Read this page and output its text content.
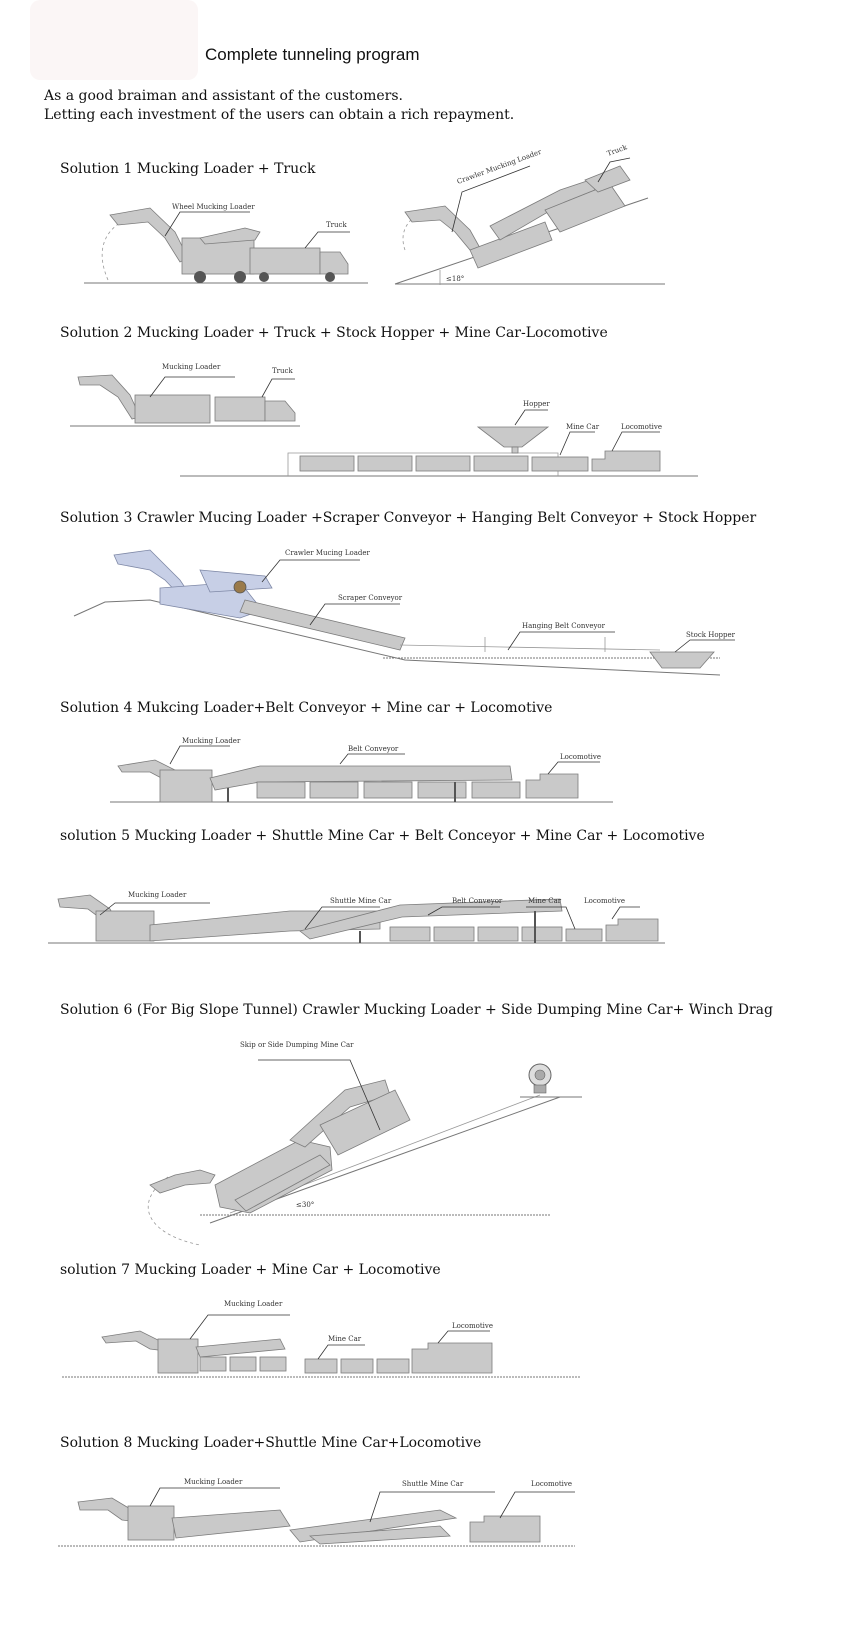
Complete tunneling program
As a good braiman and assistant of the customers.
Letting each investment of the users can obtain a rich repayment.
Solution 1 Mucking Loader + Truck
Wheel Mucking Loader
Truck
Crawler Mucking Loader	Truck
≤18°
Solution 2 Mucking Loader + Truck + Stock Hopper + Mine Car-Locomotive
Mucking Loader	Truck
Hopper
Mine Car	Locomotive
Solution 3 Crawler Mucing Loader +Scraper Conveyor + Hanging Belt Conveyor + Stock Hopper
Crawler Mucing Loader
Scraper Conveyor
Hanging Belt Conveyor
Stock Hopper
Solution 4 Mukcing Loader+Belt Conveyor + Mine car + Locomotive
Mucking Loader
Belt Conveyor
Locomotive
solution 5 Mucking Loader + Shuttle Mine Car + Belt Conceyor + Mine Car + Locomotive
Mucking Loader
Shuttle Mine Car	Belt Conveyor	Mine Car	Locomotive
Solution 6 (For Big Slope Tunnel) Crawler Mucking Loader + Side Dumping Mine Car+ Winch Drag
Skip or Side Dumping Mine Car
≤30°
solution 7 Mucking Loader + Mine Car + Locomotive
Mucking Loader
Mine Car
Locomotive
Solution 8 Mucking Loader+Shuttle Mine Car+Locomotive
Mucking Loader	Shuttle Mine Car	Locomotive
